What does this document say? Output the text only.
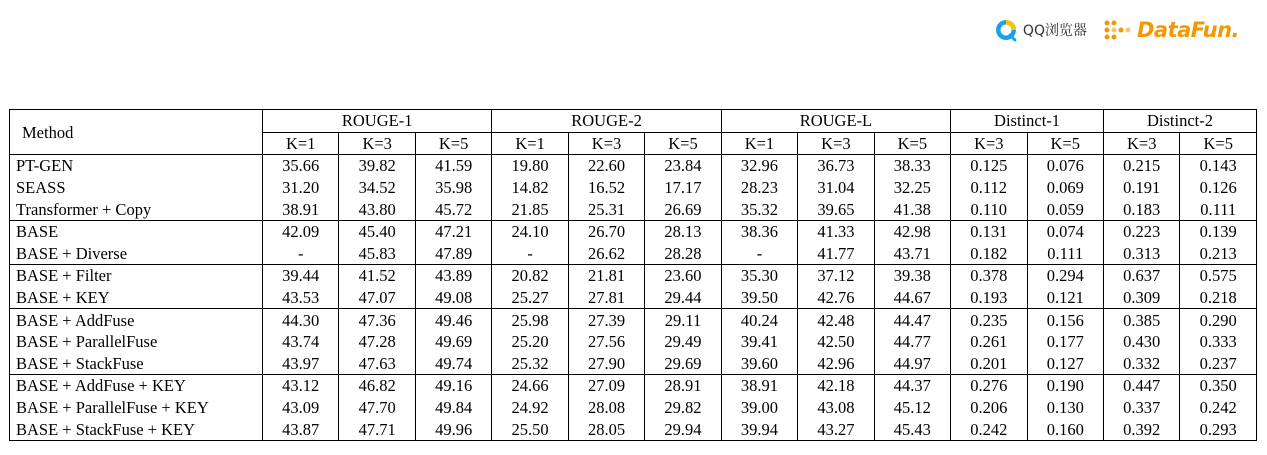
QQ浏览器 DataFun.
Method	ROUGE-1			ROUGE-2			ROUGE-L			Distinct-1		Distinct-2	
	K=1	K=3	K=5	K=1	K=3	K=5	K=1	K=3	K=5	K=3	K=5	K=3	K=5
PT-GEN	35.66	39.82	41.59	19.80	22.60	23.84	32.96	36.73	38.33	0.125	0.076	0.215	0.143
SEASS	31.20	34.52	35.98	14.82	16.52	17.17	28.23	31.04	32.25	0.112	0.069	0.191	0.126
Transformer + Copy	38.91	43.80	45.72	21.85	25.31	26.69	35.32	39.65	41.38	0.110	0.059	0.183	0.111
BASE	42.09	45.40	47.21	24.10	26.70	28.13	38.36	41.33	42.98	0.131	0.074	0.223	0.139
BASE + Diverse	-	45.83	47.89	-	26.62	28.28	-	41.77	43.71	0.182	0.111	0.313	0.213
BASE + Filter	39.44	41.52	43.89	20.82	21.81	23.60	35.30	37.12	39.38	0.378	0.294	0.637	0.575
BASE + KEY	43.53	47.07	49.08	25.27	27.81	29.44	39.50	42.76	44.67	0.193	0.121	0.309	0.218
BASE + AddFuse	44.30	47.36	49.46	25.98	27.39	29.11	40.24	42.48	44.47	0.235	0.156	0.385	0.290
BASE + ParallelFuse	43.74	47.28	49.69	25.20	27.56	29.49	39.41	42.50	44.77	0.261	0.177	0.430	0.333
BASE + StackFuse	43.97	47.63	49.74	25.32	27.90	29.69	39.60	42.96	44.97	0.201	0.127	0.332	0.237
BASE + AddFuse + KEY	43.12	46.82	49.16	24.66	27.09	28.91	38.91	42.18	44.37	0.276	0.190	0.447	0.350
BASE + ParallelFuse + KEY	43.09	47.70	49.84	24.92	28.08	29.82	39.00	43.08	45.12	0.206	0.130	0.337	0.242
BASE + StackFuse + KEY	43.87	47.71	49.96	25.50	28.05	29.94	39.94	43.27	45.43	0.242	0.160	0.392	0.293
